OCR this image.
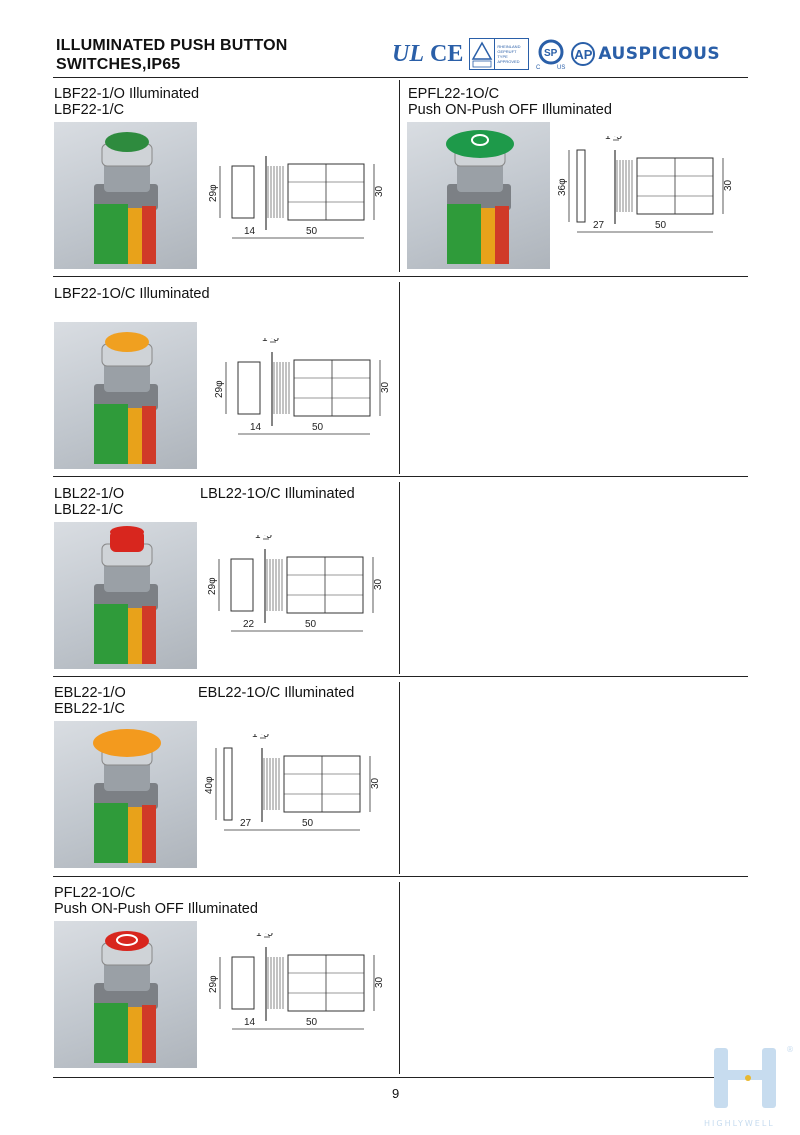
ILLUMINATED PUSH BUTTON
SWITCHES,IP65	UL CE	RHEINLAND
GEPRUFT
TYPE
APPROVED
SP
C	US
AP AUSPICIOUS
LBF22-1/O Illuminated
LBF22-1/C
30
29φ
14	50
EPFL22-1O/C
Push ON-Push OFF Illuminated
30
36φ
27	50
1~5
LBF22-1O/C Illuminated
30
29φ
14	50
1~5
LBL22-1/O
LBL22-1/C
LBL22-1O/C Illuminated
30
29φ
22	50
1~5
EBL22-1/O
EBL22-1/C
EBL22-1O/C Illuminated
30
40φ
27	50
1~5
PFL22-1O/C
Push ON-Push OFF Illuminated
30
29φ
14	50
1~5
9
HIGHLYWELL
®
